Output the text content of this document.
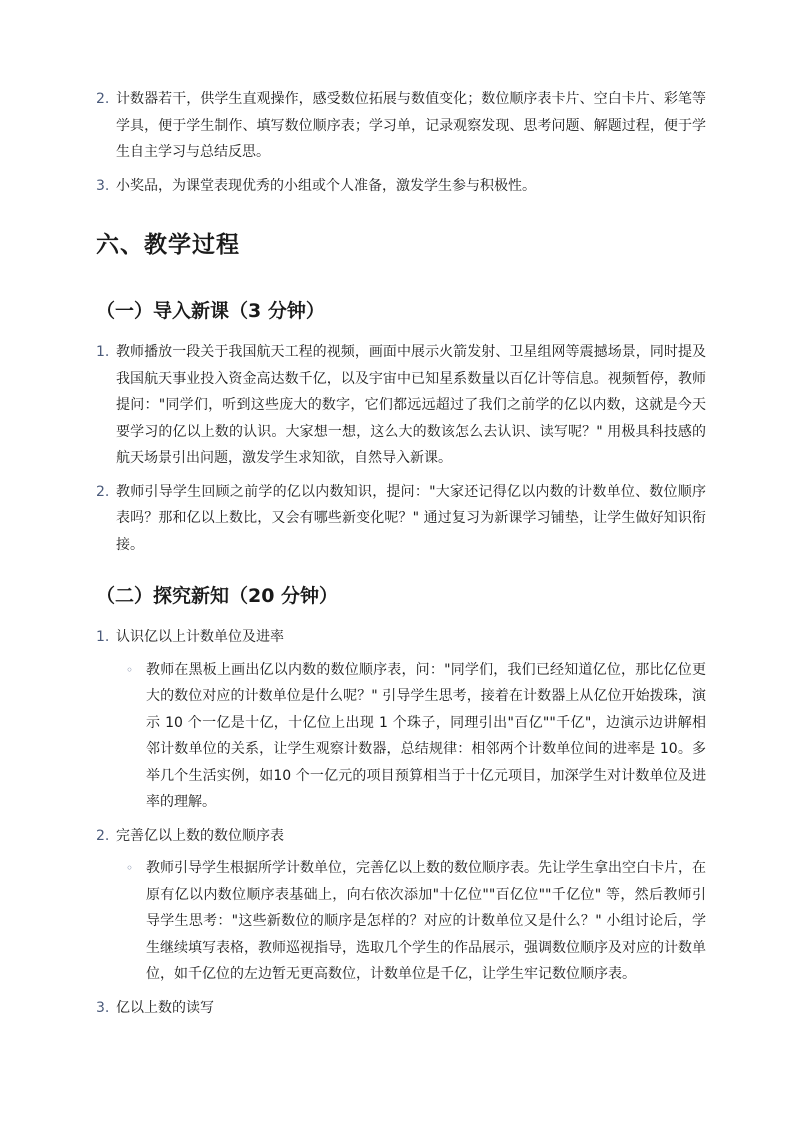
2. 计数器若干，供学生直观操作，感受数位拓展与数值变化；数位顺序表卡片、空白卡片、彩笔等学具，便于学生制作、填写数位顺序表；学习单，记录观察发现、思考问题、解题过程，便于学生自主学习与总结反思。
3. 小奖品，为课堂表现优秀的小组或个人准备，激发学生参与积极性。
六、教学过程
（一）导入新课（3 分钟）
1. 教师播放一段关于我国航天工程的视频，画面中展示火箭发射、卫星组网等震撼场景，同时提及我国航天事业投入资金高达数千亿，以及宇宙中已知星系数量以百亿计等信息。视频暂停，教师提问："同学们，听到这些庞大的数字，它们都远远超过了我们之前学的亿以内数，这就是今天要学习的亿以上数的认识。大家想一想，这么大的数该怎么去认识、读写呢？" 用极具科技感的航天场景引出问题，激发学生求知欲，自然导入新课。
2. 教师引导学生回顾之前学的亿以内数知识，提问："大家还记得亿以内数的计数单位、数位顺序表吗？那和亿以上数比，又会有哪些新变化呢？" 通过复习为新课学习铺垫，让学生做好知识衔接。
（二）探究新知（20 分钟）
1. 认识亿以上计数单位及进率
◦ 教师在黑板上画出亿以内数的数位顺序表，问："同学们，我们已经知道亿位，那比亿位更大的数位对应的计数单位是什么呢？" 引导学生思考，接着在计数器上从亿位开始拨珠，演示 10 个一亿是十亿，十亿位上出现 1 个珠子，同理引出"百亿""千亿"，边演示边讲解相邻计数单位的关系，让学生观察计数器，总结规律：相邻两个计数单位间的进率是 10。多举几个生活实例，如10 个一亿元的项目预算相当于十亿元项目，加深学生对计数单位及进率的理解。
2. 完善亿以上数的数位顺序表
◦ 教师引导学生根据所学计数单位，完善亿以上数的数位顺序表。先让学生拿出空白卡片，在原有亿以内数位顺序表基础上，向右依次添加"十亿位""百亿位""千亿位" 等，然后教师引导学生思考："这些新数位的顺序是怎样的？对应的计数单位又是什么？" 小组讨论后，学生继续填写表格，教师巡视指导，选取几个学生的作品展示，强调数位顺序及对应的计数单位，如千亿位的左边暂无更高数位，计数单位是千亿，让学生牢记数位顺序表。
3. 亿以上数的读写
